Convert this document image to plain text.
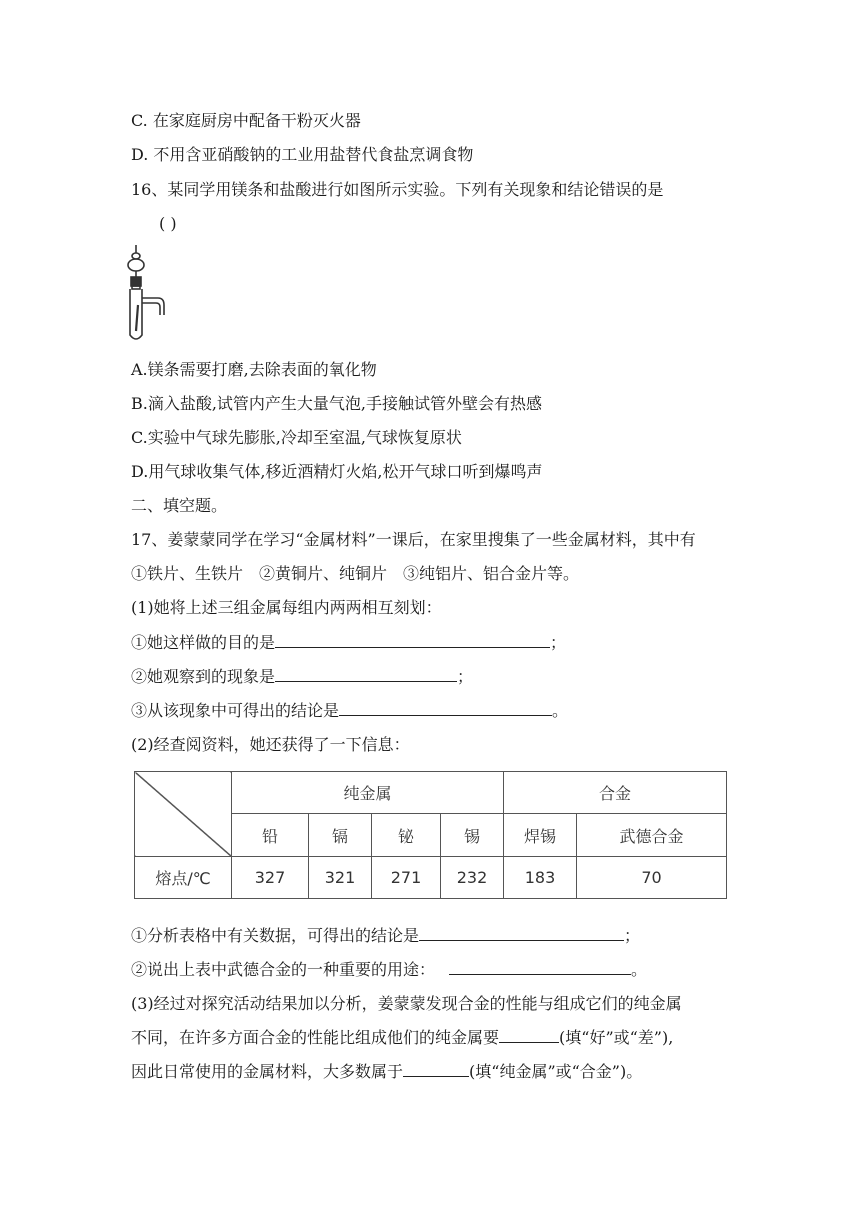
C. 在家庭厨房中配备干粉灭火器
D. 不用含亚硝酸钠的工业用盐替代食盐烹调食物
16、某同学用镁条和盐酸进行如图所示实验。下列有关现象和结论错误的是
( )
A.镁条需要打磨,去除表面的氧化物
B.滴入盐酸,试管内产生大量气泡,手接触试管外壁会有热感
C.实验中气球先膨胀,冷却至室温,气球恢复原状
D.用气球收集气体,移近酒精灯火焰,松开气球口听到爆鸣声
二、填空题。
17、姜蒙蒙同学在学习“金属材料”一课后，在家里搜集了一些金属材料，其中有
①铁片、生铁片　②黄铜片、纯铜片　③纯铝片、铝合金片等。
(1)她将上述三组金属每组内两两相互刻划：
①她这样做的目的是	；
②她观察到的现象是	；
③从该现象中可得出的结论是	。
(2)经查阅资料，她还获得了一下信息：
	纯金属				合金	
	铅	镉	铋	锡	焊锡	武德合金
熔点/℃	327	321	271	232	183	70
①分析表格中有关数据，可得出的结论是	；
②说出上表中武德合金的一种重要的用途：	。
(3)经过对探究活动结果加以分析，姜蒙蒙发现合金的性能与组成它们的纯金属
不同，在许多方面合金的性能比组成他们的纯金属要	(填“好”或“差”),
因此日常使用的金属材料，大多数属于	(填“纯金属”或“合金”)。
